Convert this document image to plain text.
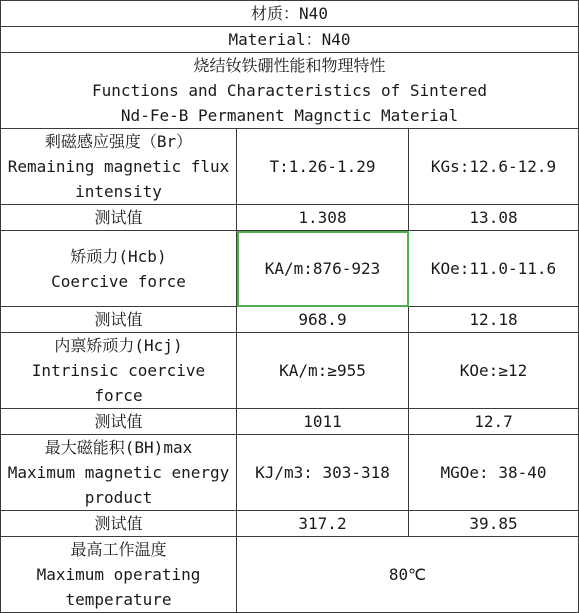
材质：N40		
Material：N40		

烧结钕铁硼性能和物理特性
Functions and Characteristics of Sintered
Nd-Fe-B Permanent Magnctic Material		

剩磁感应强度（Br）
Remaining magnetic flux
intensity	T:1.26-1.29	KGs:12.6-12.9
测试值	1.308	13.08

矫顽力(Hcb)
Coercive force	KA/m:876-923	KOe:11.0-11.6
测试值	968.9	12.18

内禀矫顽力(Hcj)
Intrinsic coercive
force	KA/m:≥955	KOe:≥12
测试值	1011	12.7

最大磁能积(BH)max
Maximum magnetic energy
product	KJ/m3: 303-318	MGOe: 38-40
测试值	317.2	39.85

最高工作温度
Maximum operating
temperature	80℃	
